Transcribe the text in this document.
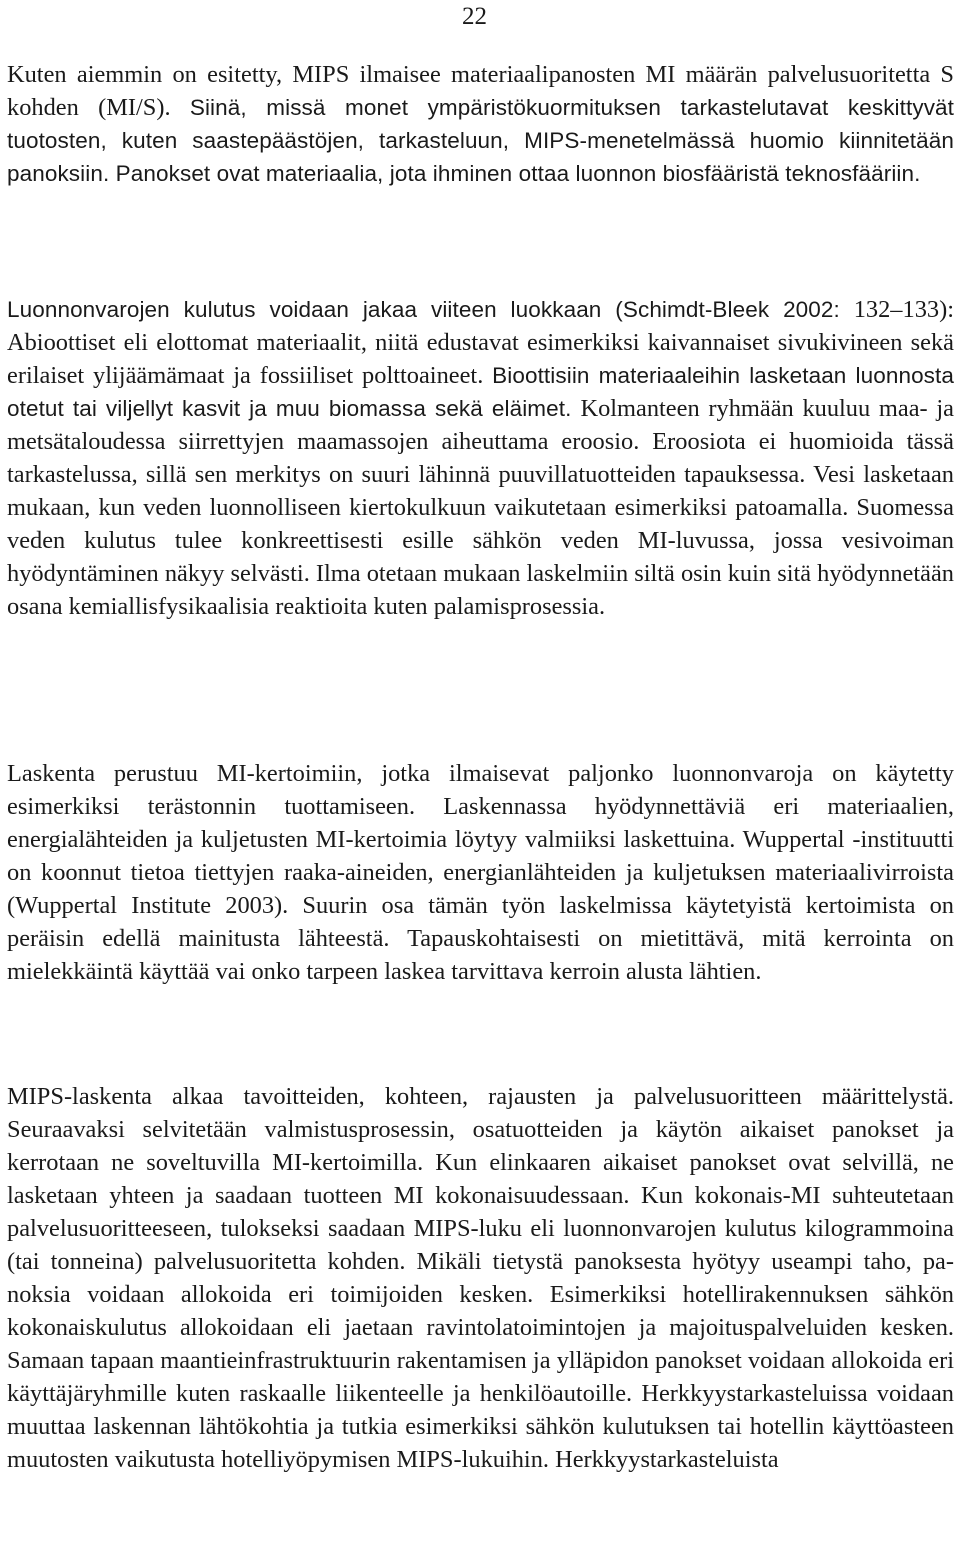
22

Kuten aiemmin on esitetty, MIPS ilmaisee materiaalipanosten MI määrän palvelusuoritetta S kohden (MI/S). Siinä, missä monet ympäristökuormituksen tarkastelutavat keskittyvät tuotosten, kuten saastepäästöjen, tarkasteluun, MIPS-menetelmässä huomio kiinnitetään panoksiin. Panokset ovat materiaalia, jota ihminen ottaa luonnon biosfääristä teknosfääriin.

Luonnonvarojen kulutus voidaan jakaa viiteen luokkaan (Schimdt-Bleek 2002: 132–133): Abioottiset eli elottomat materiaalit, niitä edustavat esimerkiksi kaivannaiset sivukivineen sekä erilaiset ylijäämämaat ja fossiiliset polttoaineet. Bioottisiin materiaaleihin lasketaan luonnosta otetut tai viljellyt kasvit ja muu biomassa sekä eläimet. Kolmanteen ryhmään kuuluu maa- ja metsätaloudessa siirrettyjen maamassojen aiheuttama eroosio. Eroosiota ei huomioida tässä tarkastelussa, sillä sen merkitys on suuri lähinnä puuvillatuotteiden tapauksessa. Vesi lasketaan mukaan, kun veden luonnolliseen kiertokulkuun vaikutetaan esimerkiksi patoamalla. Suomessa veden kulutus tulee konkreettisesti esille sähkön veden MI-luvussa, jossa vesivoiman hyödyntäminen näkyy selvästi. Ilma otetaan mukaan laskelmiin siltä osin kuin sitä hyödynnetään osana kemiallisfysikaalisia reaktioita kuten palamisprosessia.

Laskenta perustuu MI-kertoimiin, jotka ilmaisevat paljonko luonnonvaroja on käytetty esimerkiksi terästonnin tuottamiseen. Laskennassa hyödynnettäviä eri materiaalien, energialähteiden ja kuljetusten MI-kertoimia löytyy valmiiksi laskettuina. Wuppertal -instituutti on koonnut tietoa tiettyjen raaka-aineiden, energianlähteiden ja kuljetuksen materiaalivirroista (Wuppertal Institute 2003). Suurin osa tämän työn laskelmissa käytetyistä kertoimista on peräisin edellä mainitusta lähteestä. Tapauskohtaisesti on mietittävä, mitä kerrointa on mielekkäintä käyttää vai onko tarpeen laskea tarvittava kerroin alusta lähtien.

MIPS-laskenta alkaa tavoitteiden, kohteen, rajausten ja palvelusuoritteen määrittelystä. Seuraavaksi selvitetään valmistusprosessin, osatuotteiden ja käytön aikaiset panokset ja kerrotaan ne soveltuvilla MI-kertoimilla. Kun elinkaaren aikaiset panokset ovat selvillä, ne lasketaan yhteen ja saadaan tuotteen MI kokonaisuudessaan. Kun kokonais-MI suhteutetaan palvelusuoritteeseen, tulokseksi saadaan MIPS-luku eli luonnonvarojen kulutus kilogrammoina (tai tonneina) palvelusuoritetta kohden. Mikäli tietystä panoksesta hyötyy useampi taho, panoksia voidaan allokoida eri toimijoiden kesken. Esimerkiksi hotellirakennuksen sähkön kokonaiskulutus allokoidaan eli jaetaan ravintolatoimintojen ja majoituspalveluiden kesken. Samaan tapaan maantieinfrastruktuurin rakentamisen ja ylläpidon panokset voidaan allokoida eri käyttäjäryhmille kuten raskaalle liikenteelle ja henkilöautoille. Herkkyystarkasteluissa voidaan muuttaa laskennan lähtökohtia ja tutkia esimerkiksi sähkön kulutuksen tai hotellin käyttöasteen muutosten vaikutusta hotelliyöpymisen MIPS-lukuihin. Herkkyystarkasteluista
